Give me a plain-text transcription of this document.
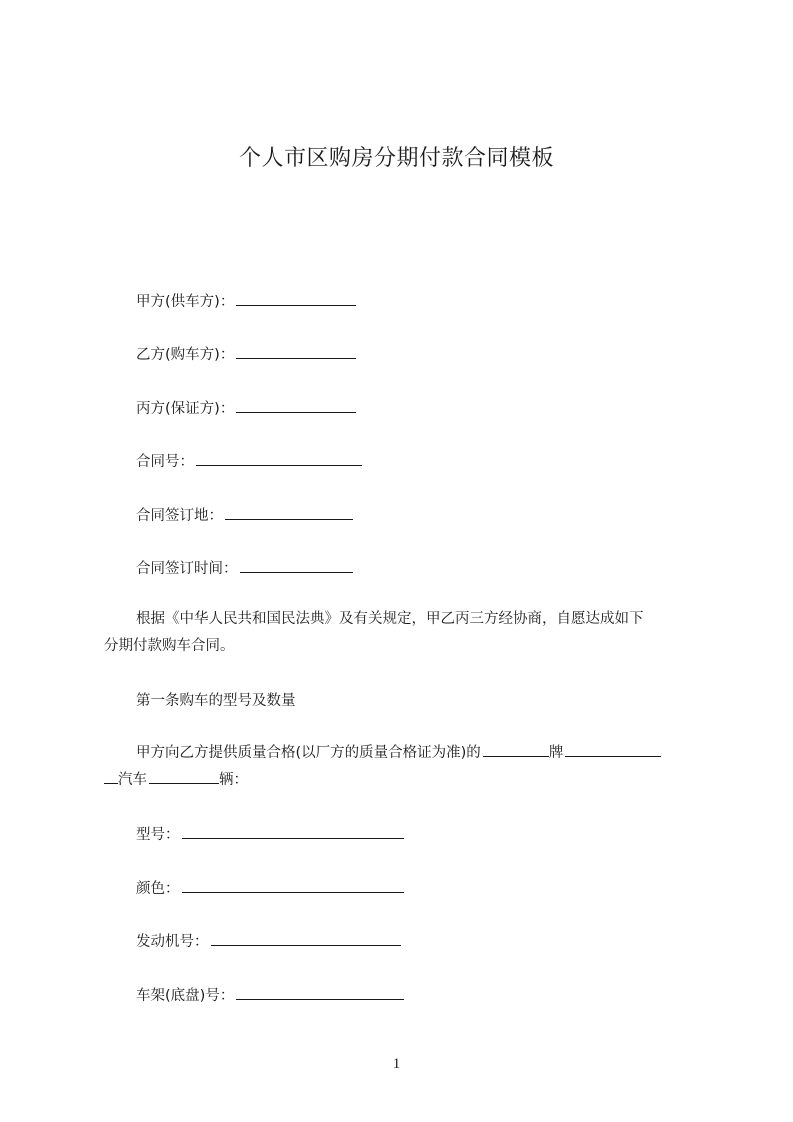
个人市区购房分期付款合同模板
甲方(供车方)：
乙方(购车方)：
丙方(保证方)：
合同号：
合同签订地：
合同签订时间：
根据《中华人民共和国民法典》及有关规定，甲乙丙三方经协商，自愿达成如下
分期付款购车合同。
第一条购车的型号及数量
甲方向乙方提供质量合格(以厂方的质量合格证为准)的	牌
汽车	辆：
型号：
颜色：
发动机号：
车架(底盘)号：
1
